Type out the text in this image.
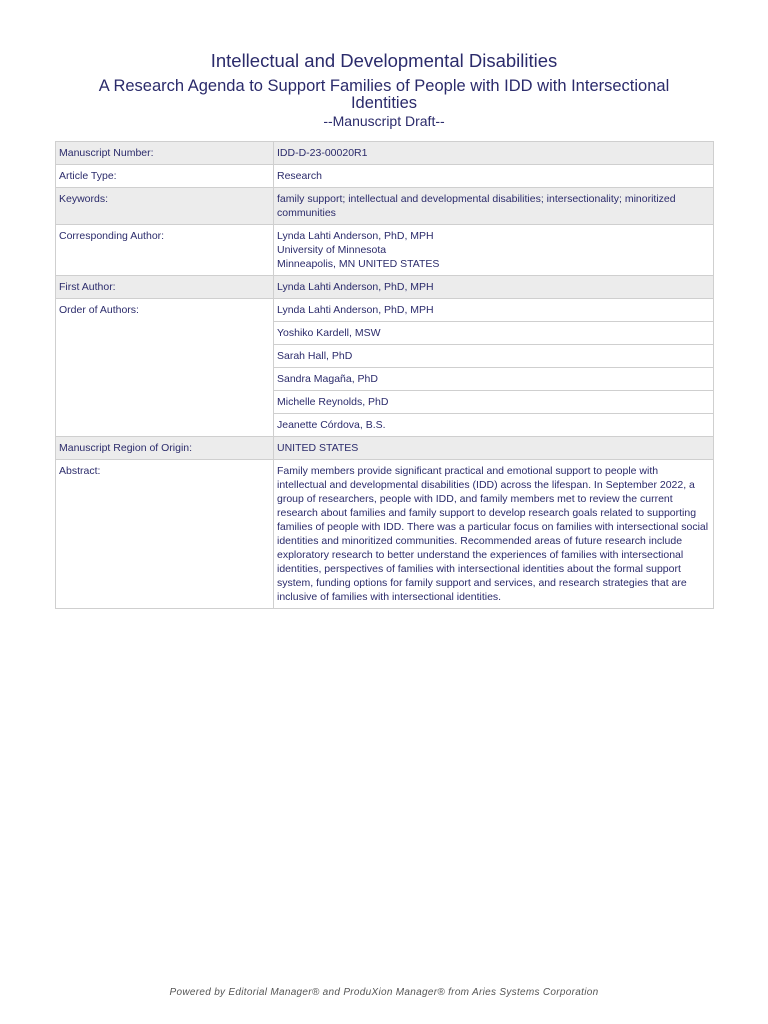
Intellectual and Developmental Disabilities
A Research Agenda to Support Families of People with IDD with Intersectional Identities
--Manuscript Draft--
Manuscript Number:	IDD-D-23-00020R1
Article Type:	Research
Keywords:	family support; intellectual and developmental disabilities; intersectionality; minoritized communities
Corresponding Author:	Lynda Lahti Anderson, PhD, MPH
University of Minnesota
Minneapolis, MN UNITED STATES

First Author:	Lynda Lahti Anderson, PhD, MPH
Order of Authors:	Lynda Lahti Anderson, PhD, MPH
	Yoshiko Kardell, MSW
	Sarah Hall, PhD
	Sandra Magaña, PhD
	Michelle Reynolds, PhD
	Jeanette Córdova, B.S.
Manuscript Region of Origin:	UNITED STATES
Abstract:	Family members provide significant practical and emotional support to people with intellectual and developmental disabilities (IDD) across the lifespan. In September 2022, a group of researchers, people with IDD, and family members met to review the current research about families and family support to develop research goals related to supporting families of people with IDD. There was a particular focus on families with intersectional social identities and minoritized communities. Recommended areas of future research include exploratory research to better understand the experiences of families with intersectional identities, perspectives of families with intersectional identities about the formal support system, funding options for family support and services, and research strategies that are inclusive of families with intersectional identities.
Powered by Editorial Manager® and ProduXion Manager® from Aries Systems Corporation
